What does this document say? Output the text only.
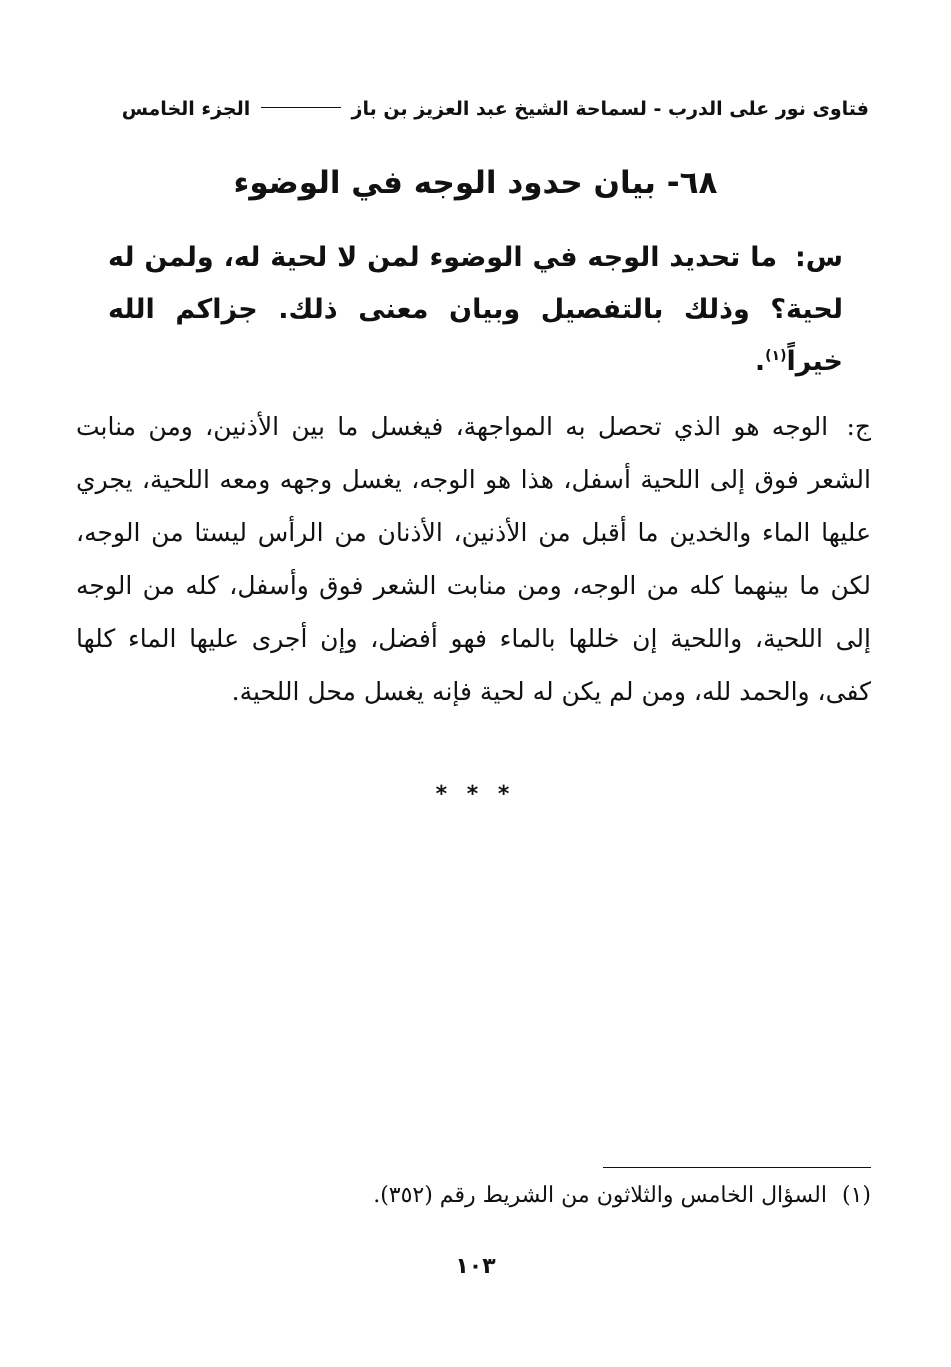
فتاوى نور على الدرب - لسماحة الشيخ عبد العزيز بن باز  الجزء الخامس
٦٨- بيان حدود الوجه في الوضوء
س: ما تحديد الوجه في الوضوء لمن لا لحية له، ولمن له لحية؟ وذلك بالتفصيل وبيان معنى ذلك. جزاكم الله خيراً$^{(١)}$.
ج: الوجه هو الذي تحصل به المواجهة، فيغسل ما بين الأذنين، ومن منابت الشعر فوق إلى اللحية أسفل، هذا هو الوجه، يغسل وجهه ومعه اللحية، يجري عليها الماء والخدين ما أقبل من الأذنين، الأذنان من الرأس ليستا من الوجه، لكن ما بينهما كله من الوجه، ومن منابت الشعر فوق وأسفل، كله من الوجه إلى اللحية، واللحية إن خللها بالماء فهو أفضل، وإن أجرى عليها الماء كلها كفى، والحمد لله، ومن لم يكن له لحية فإنه يغسل محل اللحية.
* * *
(١) السؤال الخامس والثلاثون من الشريط رقم (٣٥٢).
١٠٣
